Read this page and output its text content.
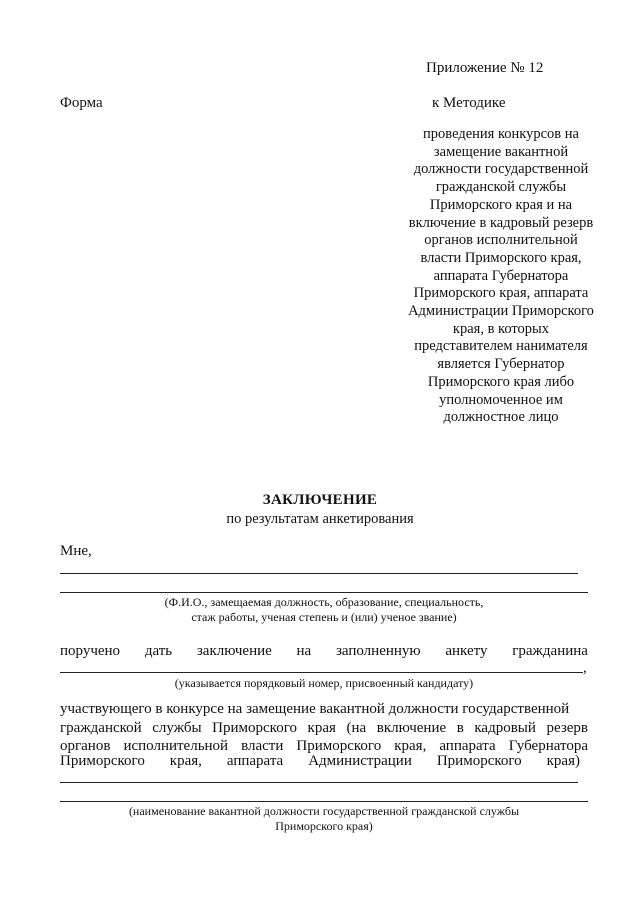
Приложение № 12
Форма	к Методике
проведения конкурсов на
замещение вакантной
должности государственной
гражданской службы
Приморского края и на
включение в кадровый резерв
органов исполнительной
власти Приморского края,
аппарата Губернатора
Приморского края, аппарата
Администрации Приморского
края, в которых
представителем нанимателя
является Губернатор
Приморского края либо
уполномоченное им
должностное лицо
ЗАКЛЮЧЕНИЕ
по результатам анкетирования
Мне,
(Ф.И.О., замещаемая должность, образование, специальность,
стаж работы, ученая степень и (или) ученое звание)
поручено дать заключение на заполненную анкету гражданина
,
(указывается порядковый номер, присвоенный кандидату)
участвующего в конкурсе на замещение вакантной должности государственной
гражданской службы Приморского края (на включение в кадровый резерв
органов исполнительной власти Приморского края, аппарата Губернатора
Приморского края, аппарата Администрации Приморского края)
(наименование вакантной должности государственной гражданской службы
Приморского края)
